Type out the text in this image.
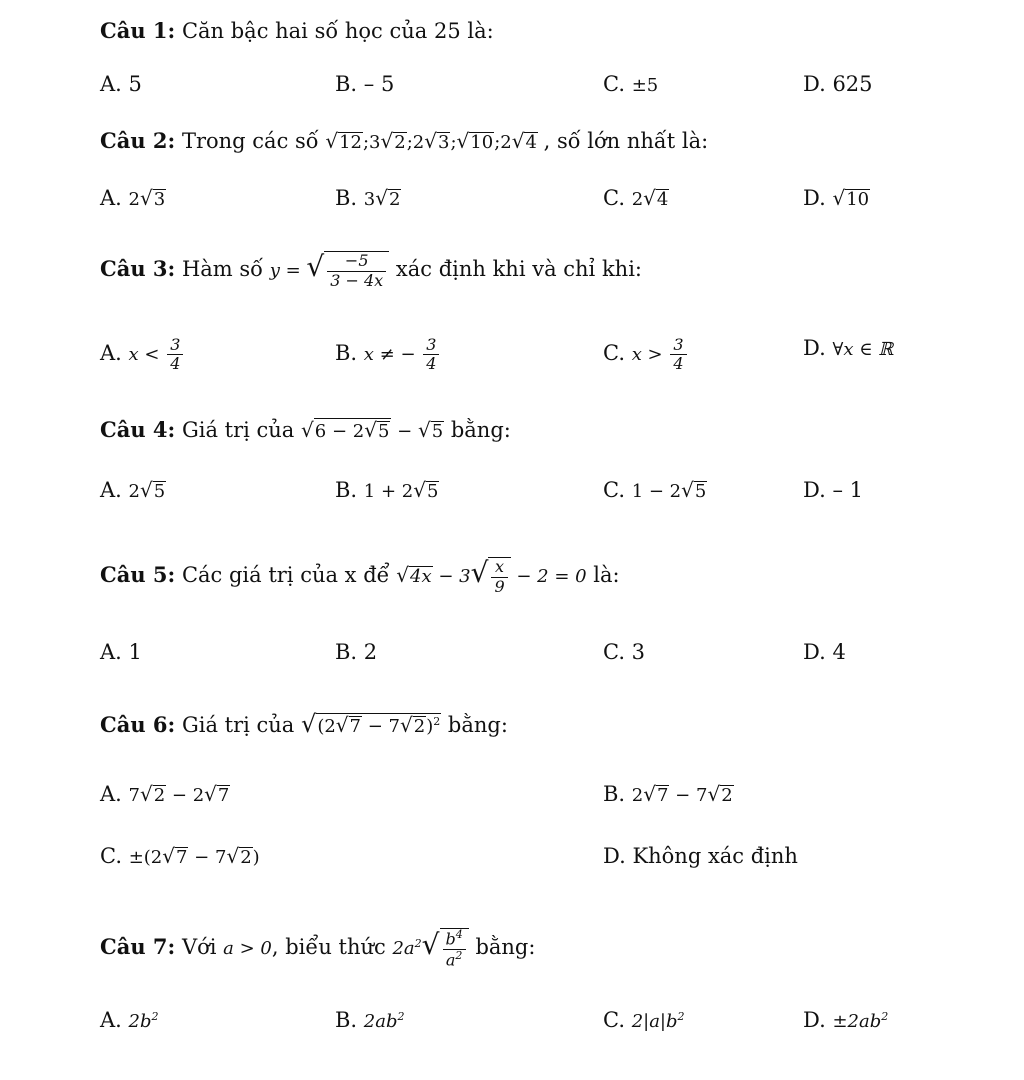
Câu 1: Căn bậc hai số học của 25 là:
A. 5	B. – 5	C. ±5	D. 625
Câu 2: Trong các số √12;3√2;2√3;√10;2√4 , số lớn nhất là:
A. 2√3	B. 3√2	C. 2√4	D. √10
Câu 3: Hàm số y = √ $\frac{-5}{3 - 4x}$ xác định khi và chỉ khi:
A. $x < \frac{3}{4}$	B. x ≠ − $\frac{3}{4}$	C. $x > \frac{3}{4}$	D. ∀x ∈ ℝ
Câu 4: Giá trị của √6 − 2√5 − √5 bằng:
A. 2√5	B. 1 + 2√5	C. 1 − 2√5	D. – 1
Câu 5: Các giá trị của x để $√4x - 3√ \frac{x}{9} - 2 = 0$ là:
A. 1	B. 2	C. 3	D. 4
Câu 6: Giá trị của $√(2√7 - 7√2)^2$ bằng:
A. 7√2 − 2√7	B. 2√7 − 7√2
C. ±(2√7 − 7√2)	D. Không xác định
Câu 7: Với a > 0, biểu thức $2a^2√ \frac{b^4}{a^2}$ bằng:
A. $2b^2$	B. $2ab^2$	C. $2|a|b^2$	D. $\pm 2ab^2$
